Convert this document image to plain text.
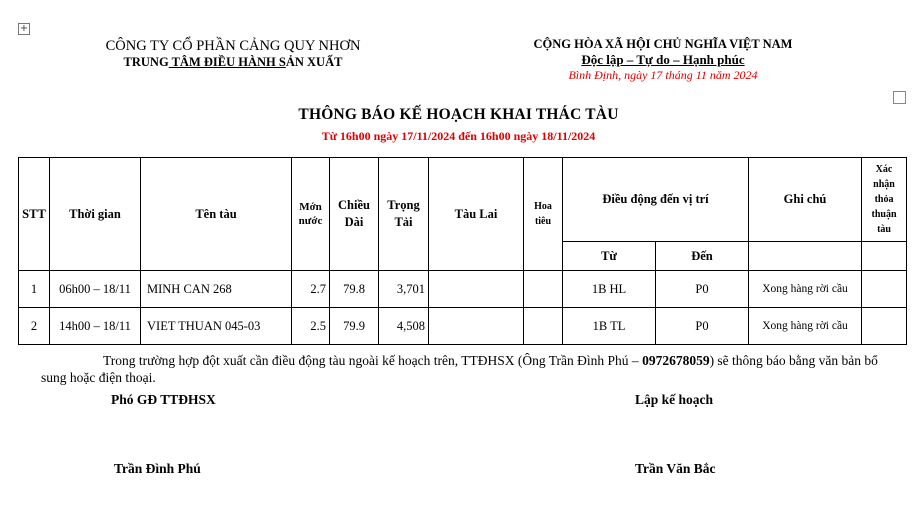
+
CÔNG TY CỔ PHẦN CẢNG QUY NHƠN
TRUNG TÂM ĐIỀU HÀNH SẢN XUẤT
CỘNG HÒA XÃ HỘI CHỦ NGHĨA VIỆT NAM
Độc lập – Tự do – Hạnh phúc
Bình Định, ngày 17 tháng 11 năm 2024
THÔNG BÁO KẾ HOẠCH KHAI THÁC TÀU
Từ 16h00 ngày 17/11/2024 đến 16h00 ngày 18/11/2024
STT	Thời gian	Tên tàu	Mớn nước	Chiều Dài	Trọng Tải	Tàu Lai	Hoa tiêu	Điều động đến vị trí		Ghi chú	Xác nhận thỏa thuận tàu
								Từ	Đến		
1	06h00 – 18/11	MINH CAN 268	2.7	79.8	3,701			1B HL	P0	Xong hàng rời cầu	
2	14h00 – 18/11	VIET THUAN 045-03	2.5	79.9	4,508			1B TL	P0	Xong hàng rời cầu	
Trong trường hợp đột xuất cần điều động tàu ngoài kế hoạch trên, TTĐHSX (Ông Trần Đình Phú – 0972678059) sẽ thông báo bằng văn bản bổ sung hoặc điện thoại.
Phó GĐ TTĐHSX	Lập kế hoạch
Trần Đình Phú	Trần Văn Bắc
